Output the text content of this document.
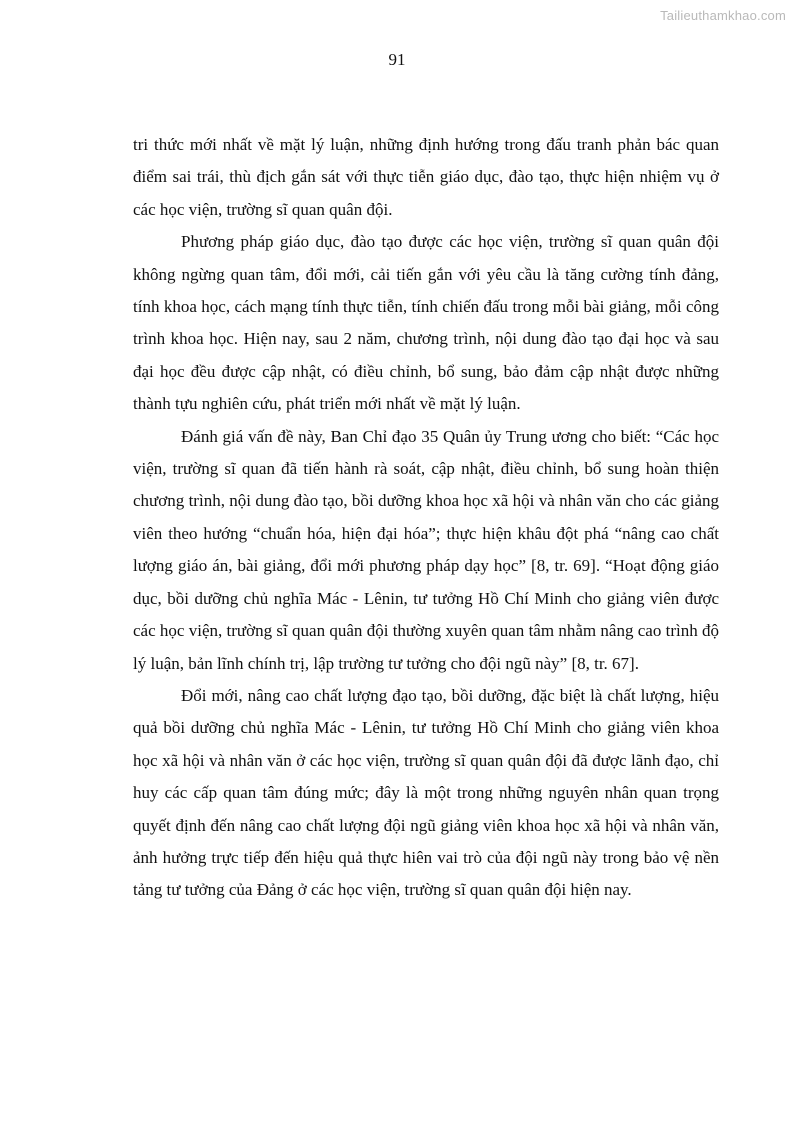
Tailieuthamkhao.com
91

tri thức mới nhất về mặt lý luận, những định hướng trong đấu tranh phản bác quan điểm sai trái, thù địch gắn sát với thực tiễn giáo dục, đào tạo, thực hiện nhiệm vụ ở các học viện, trường sĩ quan quân đội.

Phương pháp giáo dục, đào tạo được các học viện, trường sĩ quan quân đội không ngừng quan tâm, đổi mới, cải tiến gắn với yêu cầu là tăng cường tính đảng, tính khoa học, cách mạng tính thực tiễn, tính chiến đấu trong mỗi bài giảng, mỗi công trình khoa học. Hiện nay, sau 2 năm, chương trình, nội dung đào tạo đại học và sau đại học đều được cập nhật, có điều chỉnh, bổ sung, bảo đảm cập nhật được những thành tựu nghiên cứu, phát triển mới nhất về mặt lý luận.

Đánh giá vấn đề này, Ban Chỉ đạo 35 Quân ủy Trung ương cho biết: “Các học viện, trường sĩ quan đã tiến hành rà soát, cập nhật, điều chỉnh, bổ sung hoàn thiện chương trình, nội dung đào tạo, bồi dưỡng khoa học xã hội và nhân văn cho các giảng viên theo hướng “chuẩn hóa, hiện đại hóa”; thực hiện khâu đột phá “nâng cao chất lượng giáo án, bài giảng, đổi mới phương pháp dạy học” [8, tr. 69]. “Hoạt động giáo dục, bồi dưỡng chủ nghĩa Mác - Lênin, tư tưởng Hồ Chí Minh cho giảng viên được các học viện, trường sĩ quan quân đội thường xuyên quan tâm nhằm nâng cao trình độ lý luận, bản lĩnh chính trị, lập trường tư tưởng cho đội ngũ này” [8, tr. 67].

Đổi mới, nâng cao chất lượng đạo tạo, bồi dưỡng, đặc biệt là chất lượng, hiệu quả bồi dưỡng chủ nghĩa Mác - Lênin, tư tưởng Hồ Chí Minh cho giảng viên khoa học xã hội và nhân văn ở các học viện, trường sĩ quan quân đội đã được lãnh đạo, chỉ huy các cấp quan tâm đúng mức; đây là một trong những nguyên nhân quan trọng quyết định đến nâng cao chất lượng đội ngũ giảng viên khoa học xã hội và nhân văn, ảnh hưởng trực tiếp đến hiệu quả thực hiên vai trò của đội ngũ này trong bảo vệ nền tảng tư tưởng của Đảng ở các học viện, trường sĩ quan quân đội hiện nay.
